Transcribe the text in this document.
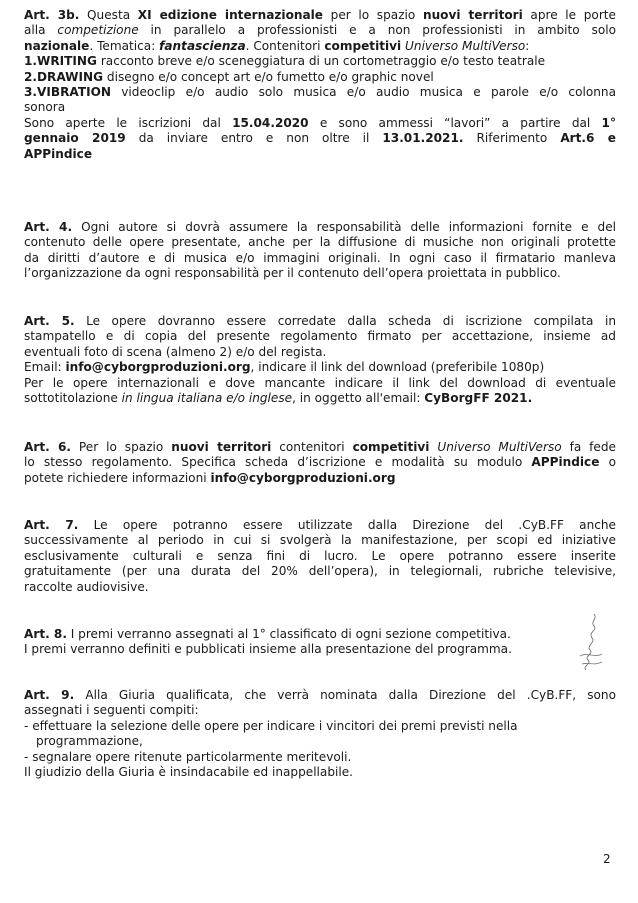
Art. 3b. Questa XI edizione internazionale per lo spazio nuovi territori apre le porte
alla competizione in parallelo a professionisti e a non professionisti in ambito solo
nazionale. Tematica: fantascienza. Contenitori competitivi Universo MultiVerso:
1.WRITING racconto breve e/o sceneggiatura di un cortometraggio e/o testo teatrale
2.DRAWING disegno e/o concept art e/o fumetto e/o graphic novel
3.VIBRATION videoclip e/o audio solo musica e/o audio musica e parole e/o colonna
sonora
Sono aperte le iscrizioni dal 15.04.2020 e sono ammessi “lavori” a partire dal 1°
gennaio 2019 da inviare entro e non oltre il 13.01.2021. Riferimento Art.6 e
APPindice
Art. 4. Ogni autore si dovrà assumere la responsabilità delle informazioni fornite e del
contenuto delle opere presentate, anche per la diffusione di musiche non originali protette
da diritti d’autore e di musica e/o immagini originali. In ogni caso il firmatario manleva
l’organizzazione da ogni responsabilità per il contenuto dell’opera proiettata in pubblico.
Art. 5. Le opere dovranno essere corredate dalla scheda di iscrizione compilata in
stampatello e di copia del presente regolamento firmato per accettazione, insieme ad
eventuali foto di scena (almeno 2) e/o del regista.
Email: info@cyborgproduzioni.org, indicare il link del download (preferibile 1080p)
Per le opere internazionali e dove mancante indicare il link del download di eventuale
sottotitolazione in lingua italiana e/o inglese, in oggetto all'email: CyBorgFF 2021.
Art. 6. Per lo spazio nuovi territori contenitori competitivi Universo MultiVerso fa fede
lo stesso regolamento. Specifica scheda d’iscrizione e modalità su modulo APPindice o
potete richiedere informazioni info@cyborgproduzioni.org
Art. 7. Le opere potranno essere utilizzate dalla Direzione del .CyB.FF anche
successivamente al periodo in cui si svolgerà la manifestazione, per scopi ed iniziative
esclusivamente culturali e senza fini di lucro. Le opere potranno essere inserite
gratuitamente (per una durata del 20% dell’opera), in telegiornali, rubriche televisive,
raccolte audiovisive.
Art. 8. I premi verranno assegnati al 1° classificato di ogni sezione competitiva.
I premi verranno definiti e pubblicati insieme alla presentazione del programma.
Art. 9. Alla Giuria qualificata, che verrà nominata dalla Direzione del .CyB.FF, sono
assegnati i seguenti compiti:
- effettuare la selezione delle opere per indicare i vincitori dei premi previsti nella
programmazione,
- segnalare opere ritenute particolarmente meritevoli.
Il giudizio della Giuria è insindacabile ed inappellabile.
2
